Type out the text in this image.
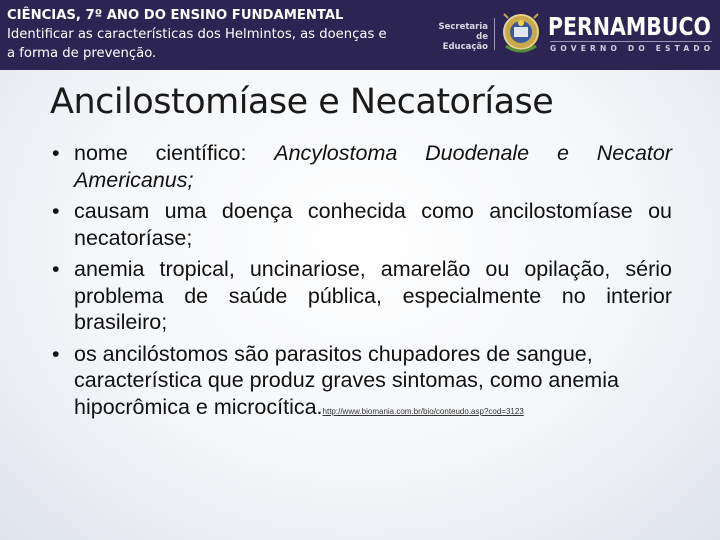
CIÊNCIAS, 7º ANO DO ENSINO FUNDAMENTAL
Identificar as características dos Helmintos, as doenças e a forma de prevenção.
Secretaria de
Educação
PERNAMBUCO
GOVERNO DO ESTADO
Ancilostomíase e Necatoríase
• nome científico: Ancylostoma Duodenale e Necator Americanus;
• causam uma doença conhecida como ancilostomíase ou necatoríase;
• anemia tropical, uncinariose, amarelão ou opilação, sério problema de saúde pública, especialmente no interior brasileiro;
• os ancilóstomos são parasitos chupadores de sangue, característica que produz graves sintomas, como anemia hipocrômica e microcítica.http://www.biomania.com.br/bio/conteudo.asp?cod=3123
